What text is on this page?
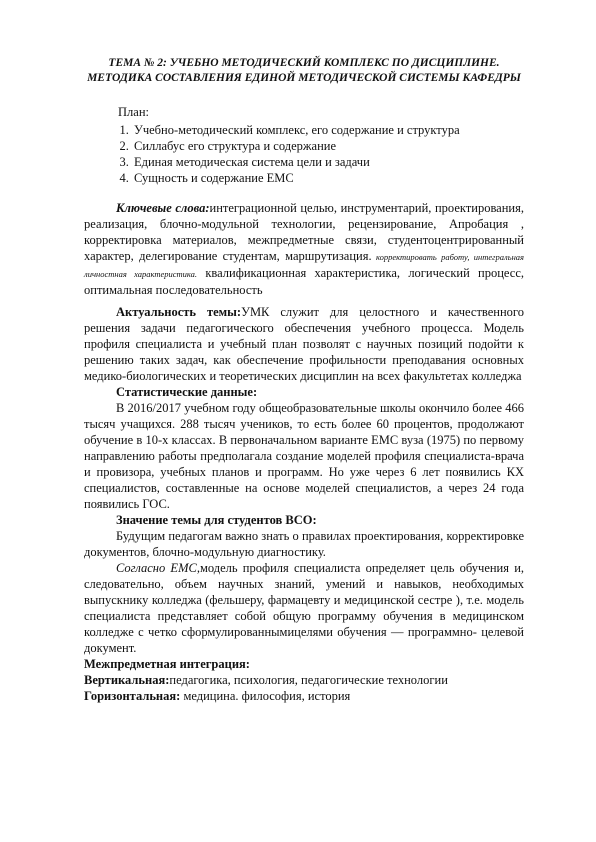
ТЕМА № 2: УЧЕБНО МЕТОДИЧЕСКИЙ КОМПЛЕКС ПО ДИСЦИПЛИНЕ.
МЕТОДИКА СОСТАВЛЕНИЯ ЕДИНОЙ МЕТОДИЧЕСКОЙ СИСТЕМЫ КАФЕДРЫ
План:
1. Учебно-методический комплекс, его содержание и структура
2. Силлабус его структура и содержание
3. Единая методическая система цели и задачи
4. Сущность и содержание ЕМС

Ключевые слова:интеграционной целью, инструментарий, проектирования, реализация, блочно-модульной технологии, рецензирование, Апробация , корректировка материалов, межпредметные связи, студентоцентрированный характер, делегирование студентам, маршрутизация. корректировать работу, интегральная личностная характеристика. квалификационная характеристика, логический процесс, оптимальная последовательность

Актуальность темы:УМК служит для целостного и качественного решения задачи педагогического обеспечения учебного процесса. Модель профиля специалиста и учебный план позволят с научных позиций подойти к решению таких задач, как обеспечение профильности преподавания основных медико-биологических и теоретических дисциплин на всех факультетах колледжа

Статистические данные:

В 2016/2017 учебном году общеобразовательные школы окончило более 466 тысяч учащихся. 288 тысяч учеников, то есть более 60 процентов, продолжают обучение в 10-х классах. В первоначальном варианте ЕМС вуза (1975) по первому направлению работы предполагала создание моделей профиля специалиста-врача и провизора, учебных планов и программ. Но уже через 6 лет появились КХ специалистов, составленные на основе моделей специалистов, а через 24 года появились ГОС.

Значение темы для студентов ВСО:

Будущим педагогам важно знать о правилах проектирования, корректировке документов, блочно-модульную диагностику.

Согласно ЕМС,модель профиля специалиста определяет цель обучения и, следовательно, объем научных знаний, умений и навыков, необходимых выпускнику колледжа (фельшеру, фармацевту и медицинской сестре ), т.е. модель специалиста представляет собой общую программу обучения в медицинском колледже с четко сформулированнымицелями обучения — программно- целевой документ.

Межпредметная интеграция:

Вертикальная:педагогика, психология, педагогические технологии

Горизонтальная: медицина. философия, история
